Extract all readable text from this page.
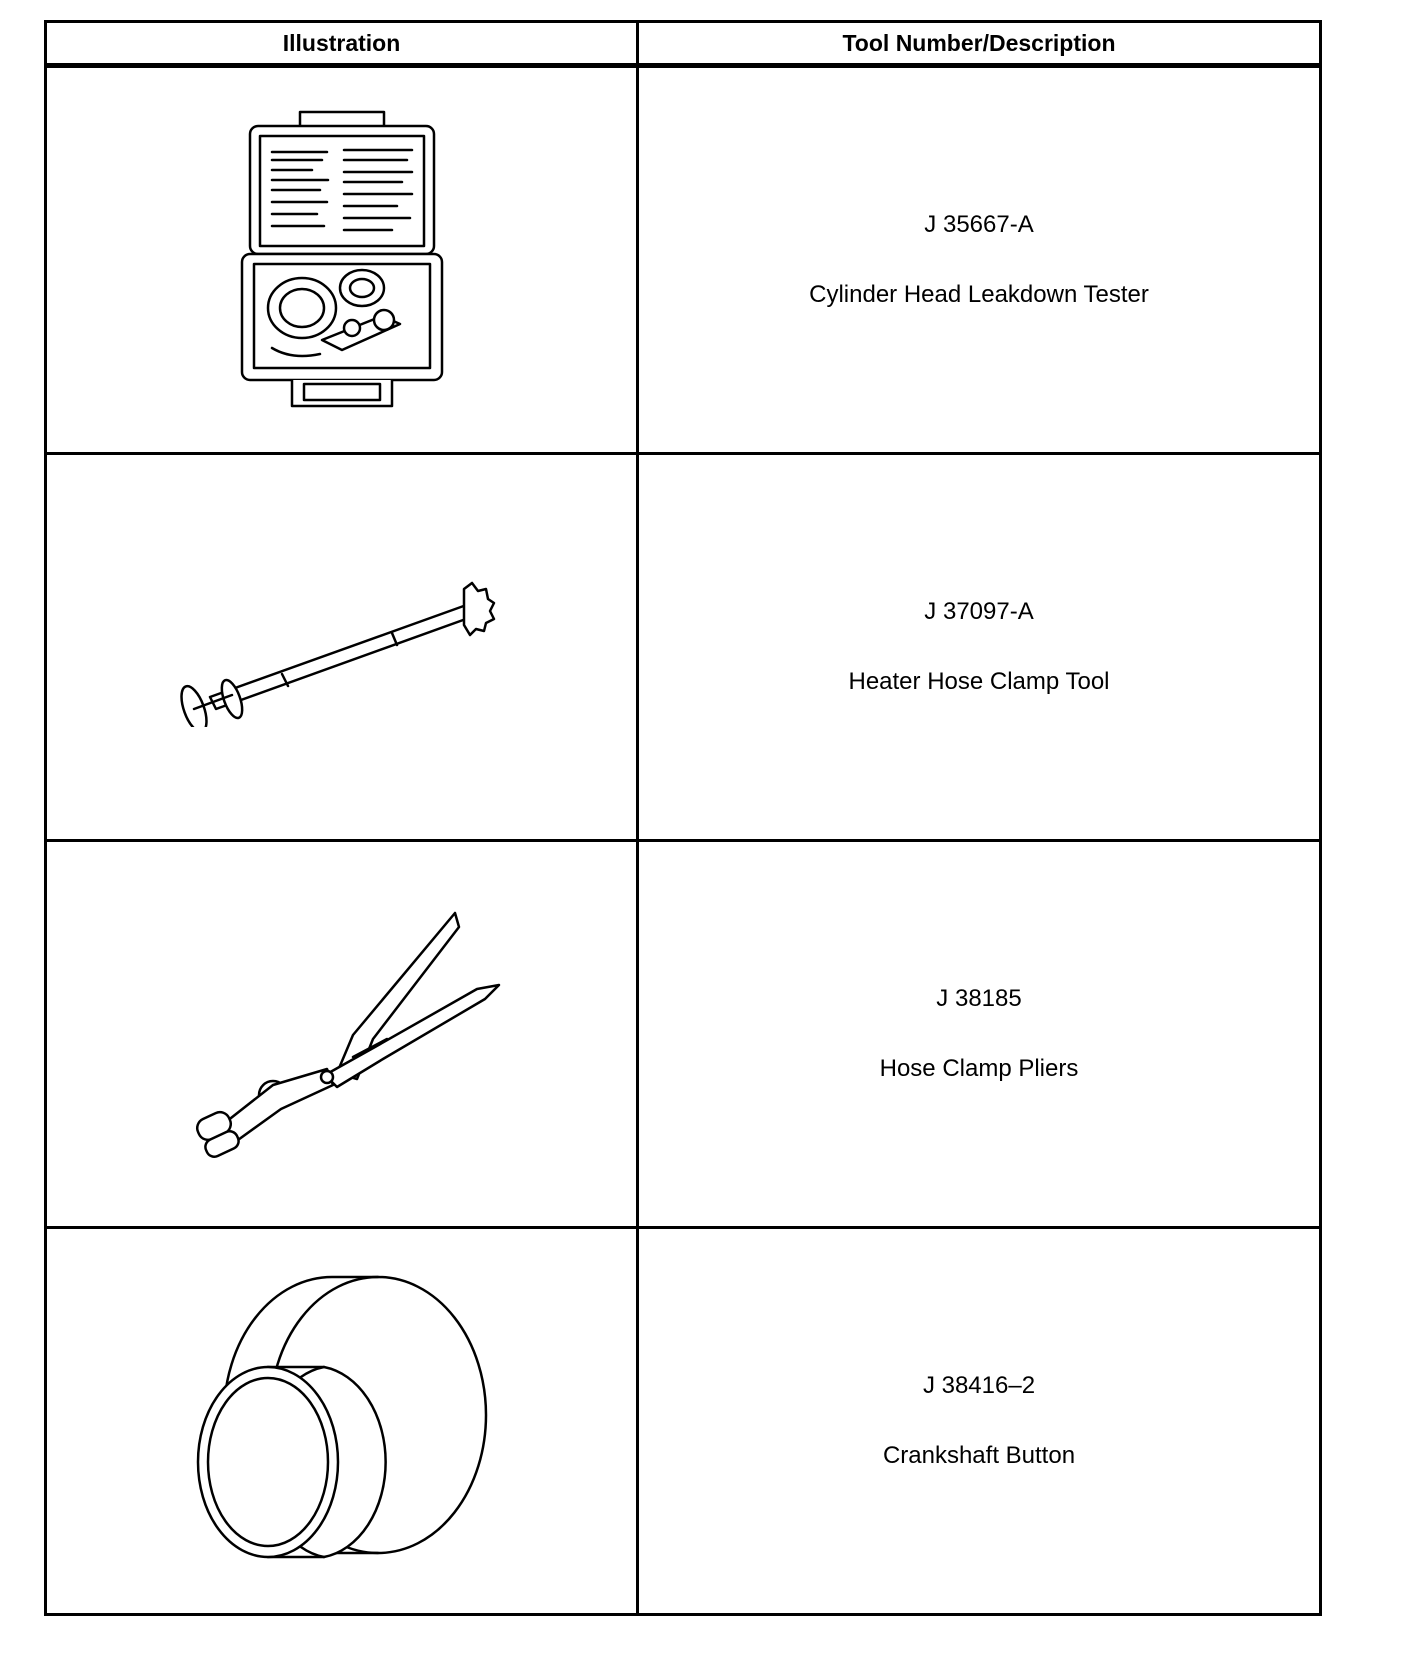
Illustration	Tool Number/Description

J 35667-A
Cylinder Head Leakdown Tester

J 37097-A
Heater Hose Clamp Tool

J 38185
Hose Clamp Pliers

J 38416–2
Crankshaft Button
